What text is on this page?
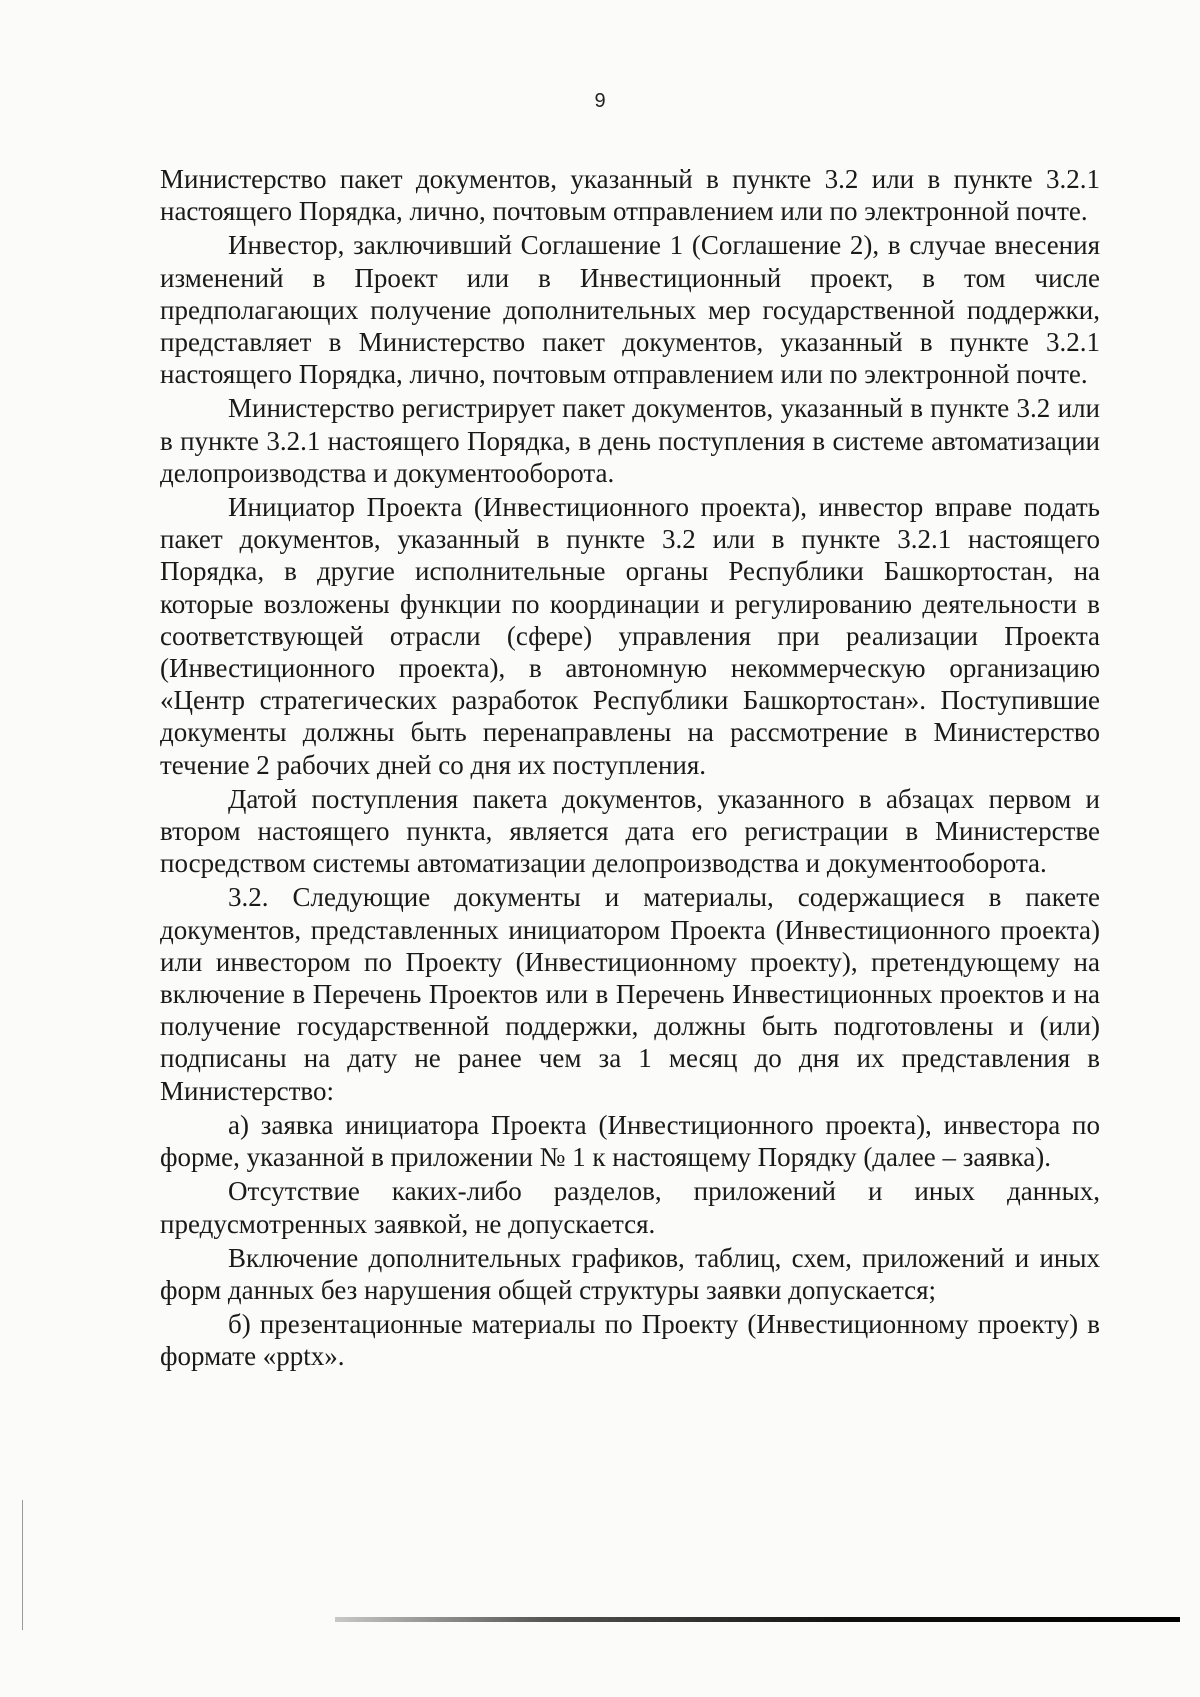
9

Министерство пакет документов, указанный в пункте 3.2 или в пункте 3.2.1 настоящего Порядка, лично, почтовым отправлением или по электронной почте.

Инвестор, заключивший Соглашение 1 (Соглашение 2), в случае внесения изменений в Проект или в Инвестиционный проект, в том числе предполагающих получение дополнительных мер государственной поддержки, представляет в Министерство пакет документов, указанный в пункте 3.2.1 настоящего Порядка, лично, почтовым отправлением или по электронной почте.

Министерство регистрирует пакет документов, указанный в пункте 3.2 или в пункте 3.2.1 настоящего Порядка, в день поступления в системе автоматизации делопроизводства и документооборота.

Инициатор Проекта (Инвестиционного проекта), инвестор вправе подать пакет документов, указанный в пункте 3.2 или в пункте 3.2.1 настоящего Порядка, в другие исполнительные органы Республики Башкортостан, на которые возложены функции по координации и регулированию деятельности в соответствующей отрасли (сфере) управления при реализации Проекта (Инвестиционного проекта), в автономную некоммерческую организацию «Центр стратегических разработок Республики Башкортостан». Поступившие документы должны быть перенаправлены на рассмотрение в Министерство течение 2 рабочих дней со дня их поступления.

Датой поступления пакета документов, указанного в абзацах первом и втором настоящего пункта, является дата его регистрации в Министерстве посредством системы автоматизации делопроизводства и документооборота.

3.2. Следующие документы и материалы, содержащиеся в пакете документов, представленных инициатором Проекта (Инвестиционного проекта) или инвестором по Проекту (Инвестиционному проекту), претендующему на включение в Перечень Проектов или в Перечень Инвестиционных проектов и на получение государственной поддержки, должны быть подготовлены и (или) подписаны на дату не ранее чем за 1 месяц до дня их представления в Министерство:

а) заявка инициатора Проекта (Инвестиционного проекта), инвестора по форме, указанной в приложении № 1 к настоящему Порядку (далее – заявка).

Отсутствие каких-либо разделов, приложений и иных данных, предусмотренных заявкой, не допускается.

Включение дополнительных графиков, таблиц, схем, приложений и иных форм данных без нарушения общей структуры заявки допускается;

б) презентационные материалы по Проекту (Инвестиционному проекту) в формате «pptx».
